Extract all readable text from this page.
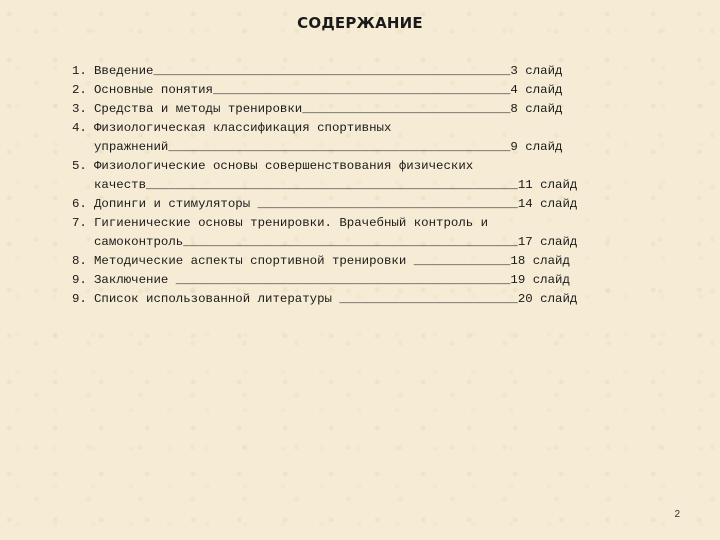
СОДЕРЖАНИЕ
1. Введение________________________________________________3 слайд
2. Основные понятия________________________________________4 слайд
3. Средства и методы тренировки____________________________8 слайд
4. Физиологическая классификация спортивных
упражнений______________________________________________9 слайд
5. Физиологические основы совершенствования физических
качеств__________________________________________________11 слайд
6. Допинги и стимуляторы ___________________________________14 слайд
7. Гигиенические основы тренировки. Врачебный контроль и
самоконтроль_____________________________________________17 слайд
8. Методические аспекты спортивной тренировки _____________18 слайд
9. Заключение _____________________________________________19 слайд
9. Список использованной литературы ________________________20 слайд
2
